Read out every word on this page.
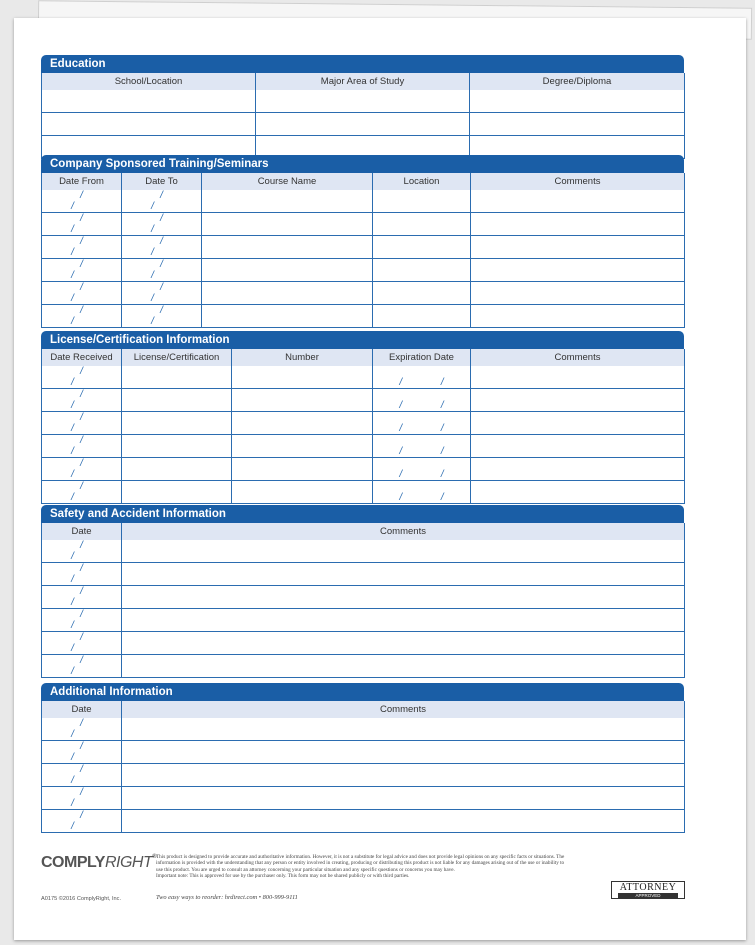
Education
School/Location	Major Area of Study	Degree/Diploma

Company Sponsored Training/Seminars
Date From	Date To	Course Name	Location	Comments
/ /	/ /			
/ /	/ /			
/ /	/ /			
/ /	/ /			
/ /	/ /			
/ /	/ /			
License/Certification Information
Date Received	License/Certification	Number	Expiration Date	Comments
/ /			/ /	
/ /			/ /	
/ /			/ /	
/ /			/ /	
/ /			/ /	
/ /			/ /	
Safety and Accident Information
Date	Comments
/ /	
/ /	
/ /	
/ /	
/ /	
/ /	
Additional Information
Date	Comments
/ /	
/ /	
/ /	
/ /	
/ /	
COMPLYRIGHT® This product is designed to provide accurate and authoritative information. However, it is not a substitute for legal advice and does not provide legal opinions on any specific facts or situations. The information is provided with the understanding that any person or entity involved in creating, producing or distributing this product is not liable for any damages arising out of the use or inability to use this product. You are urged to consult an attorney concerning your particular situation and any specific questions or concerns you may have.
Important note: This is approved for use by the purchaser only. This form may not be shared publicly or with third parties.
A0175 ©2016 ComplyRight, Inc.	Two easy ways to reorder: hrdirect.com • 800-999-9111
ATTORNEY
APPROVED
